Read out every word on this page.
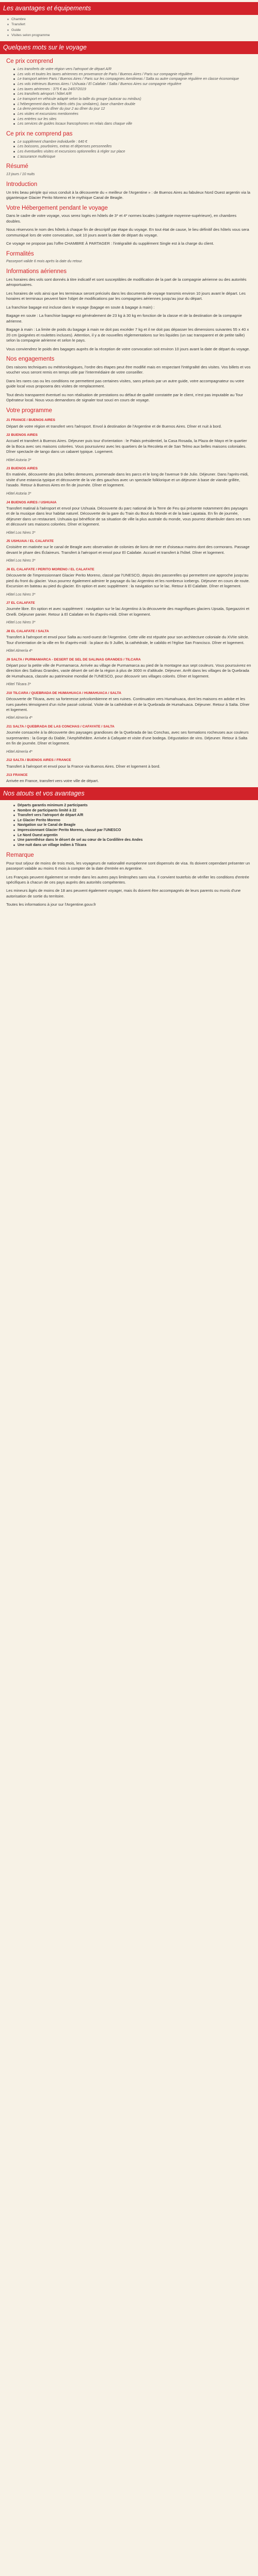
Les avantages et équipements
Chambre
Transfert
Guide
Visites selon programme
Quelques mots sur le voyage
Ce prix comprend
Les transferts de votre région vers l'aéroport de départ A/R
Les vols et toutes les taxes aériennes en provenance de Paris / Buenos Aires / Paris sur compagnie régulière
Le transport aérien Paris / Buenos Aires / Paris sur les compagnies Aerolineas / Salta ou autre compagnie régulière en classe économique
Les vols intérieurs Buenos Aires / Ushuaia / El Calafate / Salta / Buenos Aires sur compagnie régulière
Les taxes aériennes : 375 € au 24/07/2019
Les transferts aéroport / hôtel A/R
Le transport en véhicule adapté selon la taille du groupe (autocar ou minibus)
L'hébergement dans les hôtels cités (ou similaires), base chambre double
La demi-pension du dîner du jour 2 au dîner du jour 12
Les visites et excursions mentionnées
Les entrées sur les sites
Les services de guides locaux francophones en relais dans chaque ville
Ce prix ne comprend pas
Le supplément chambre individuelle : 640 €
Les boissons, pourboires, extras et dépenses personnelles
Les éventuelles visites et excursions optionnelles à régler sur place
L'assurance multirisque
Résumé

13 jours / 10 nuits

Introduction

Un très beau périple qui vous conduit à la découverte du « meilleur de l'Argentine » : de Buenos Aires au fabuleux Nord Ouest argentin via la gigantesque Glacier Perito Moreno et le mythique Canal de Beagle.

Votre Hébergement pendant le voyage

Dans le cadre de votre voyage, vous serez logés en hôtels de 3* et 4* normes locales (catégorie moyenne-supérieure), en chambres doubles.

Nous réservons le nom des hôtels à chaque fin de descriptif par étape du voyage. En tout état de cause, le lieu définitif des hôtels vous sera communiqué lors de votre convocation, soit 10 jours avant la date de départ du voyage.

Ce voyage ne propose pas l'offre CHAMBRE À PARTAGER : l'intégralité du supplément Single est à la charge du client.

Formalités

Passeport valide 6 mois après la date du retour.

Informations aériennes

Les horaires des vols sont donnés à titre indicatif et sont susceptibles de modification de la part de la compagnie aérienne ou des autorités aéroportuaires.

Les horaires de vols ainsi que les terminaux seront précisés dans les documents de voyage transmis environ 10 jours avant le départ. Les horaires et terminaux peuvent faire l'objet de modifications par les compagnies aériennes jusqu'au jour du départ.

La franchise bagage est incluse dans le voyage (bagage en soute & bagage à main) :

Bagage en soute : La franchise bagage est généralement de 23 kg à 30 kg en fonction de la classe et de la destination de la compagnie aérienne.

Bagage à main : La limite de poids du bagage à main ne doit pas excéder 7 kg et il ne doit pas dépasser les dimensions suivantes 55 x 40 x 20 cm (poignées et roulettes incluses). Attention, il y a de nouvelles réglementations sur les liquides (un sac transparent et de petite taille) selon la compagnie aérienne et selon le pays.

Vous conviendrez le poids des bagages auprès de la réception de votre convocation soit environ 10 jours avant la date de départ du voyage.

Nos engagements

Des raisons techniques ou météorologiques, l'ordre des étapes peut être modifié mais en respectant l'intégralité des visites. Vos billets et vos voucher vous seront remis en temps utile par l'intermédiaire de votre conseiller.

Dans les rares cas ou les conditions ne permettent pas certaines visites, sans préavis par un autre guide, votre accompagnateur ou votre guide local vous proposera des visites de remplacement.

Tout devis transparent éventuel ou non réalisation de prestations ou défaut de qualité constatée par le client, n'est pas imputable au Tour Opérateur local. Nous vous demandons de signaler tout souci en cours de voyage.

Votre programme
J1 FRANCE / BUENOS AIRES

Départ de votre région et transfert vers l'aéroport. Envol à destination de l'Argentine et de Buenos Aires. Dîner et nuit à bord.

J2 BUENOS AIRES

Accueil et transfert à Buenos Aires. Déjeuner puis tour d'orientation : le Palais présidentiel, la Casa Rosada, la Plaza de Mayo et le quartier de la Boca avec ses maisons colorées. Vous poursuivrez avec les quartiers de la Recoleta et de San Telmo aux belles maisons coloniales. Dîner spectacle de tango dans un cabaret typique. Logement.

Hôtel Astoria 3*

J3 BUENOS AIRES

En matinée, découverte des plus belles demeures, promenade dans les parcs et le long de l'avenue 9 de Julio. Déjeuner. Dans l'après-midi, visite d'une estancia typique et découverte de la vie des gauchos avec un spectacle folklorique et un déjeuner à base de viande grillée, l'asado. Retour à Buenos Aires en fin de journée. Dîner et logement.

Hôtel Astoria 3*

J4 BUENOS AIRES / USHUAIA

Transfert matinal à l'aéroport et envol pour Ushuaia. Découverte du parc national de la Terre de Feu qui présente notamment des paysages et de la musique dans leur habitat naturel. Découverte de la gare du Train du Bout du Monde et de la baie Lapataia. En fin de journée, déjeuner dans un restaurant. Ushuaia qui bénéficie de sa situation de ville la plus australe du monde, vous pourrez déambuler dans ses rues et découvrir ses maisons colorées. Dîner et logement.

Hôtel Los Nires 3*

J5 USHUAIA / EL CALAFATE

Croisière en matinée sur le canal de Beagle avec observation de colonies de lions de mer et d'oiseaux marins dont des cormorans. Passage devant le phare des Éclaireurs. Transfert à l'aéroport et envol pour El Calafate. Accueil et transfert à l'hôtel. Dîner et logement.

Hôtel Los Nires 3*

J6 EL CALAFATE / PERITO MORENO / EL CALAFATE

Découverte de l'impressionnant Glacier Perito Moreno, classé par l'UNESCO, depuis des passerelles qui permettent une approche jusqu'au pied du front du glacier. Vous pourrez également admirer le paysage du lac Argentino et les nombreux icebergs. Déjeuner en cours de route. Excursion en bateau au pied du glacier. En option et avec supplément : la navigation sur le lac. Retour à El Calafate. Dîner et logement.

Hôtel Los Nires 3*

J7 EL CALAFATE

Journée libre. En option et avec supplément : navigation sur le lac Argentino à la découverte des magnifiques glaciers Upsala, Spegazzini et Onelli. Déjeuner panier. Retour à El Calafate en fin d'après-midi. Dîner et logement.

Hôtel Los Nires 3*

J8 EL CALAFATE / SALTA

Transfert à l'aéroport et envol pour Salta au nord-ouest de l'Argentine. Cette ville est réputée pour son architecture coloniale du XVIIe siècle. Tour d'orientation de la ville en fin d'après-midi : la place du 9 Juillet, la cathédrale, le cabildo et l'église San Francisco. Dîner et logement.

Hôtel Almería 4*

J9 SALTA / PURMAMARCA - DESERT DE SEL DE SALINAS GRANDES / TILCARA

Départ pour la petite ville de Purmamarca. Arrivée au village de Purmamarca au pied de la montagne aux sept couleurs. Vous poursuivrez en direction des Salinas Grandes, vaste désert de sel de la région à plus de 3000 m d'altitude. Déjeuner. Arrêt dans les villages de la Quebrada de Humahuaca, classée au patrimoine mondial de l'UNESCO, pour découvrir ses villages colorés. Dîner et logement.

Hôtel Tilcara 3*

J10 TILCARA / QUEBRADA DE HUMAHUACA / HUMAHUACA / SALTA

Découverte de Tilcara, avec sa forteresse précolombienne et ses ruines. Continuation vers Humahuaca, dont les maisons en adobe et les rues pavées témoignent d'un riche passé colonial. Visite de la cathédrale et de la Quebrada de Humahuaca. Déjeuner. Retour à Salta. Dîner et logement.

Hôtel Almería 4*

J11 SALTA / QUEBRADA DE LAS CONCHAS / CAFAYATE / SALTA

Journée consacrée à la découverte des paysages grandioses de la Quebrada de las Conchas, avec ses formations rocheuses aux couleurs surprenantes : la Gorge du Diable, l'Amphithéâtre. Arrivée à Cafayate et visite d'une bodega. Dégustation de vins. Déjeuner. Retour à Salta en fin de journée. Dîner et logement.

Hôtel Almería 4*

J12 SALTA / BUENOS AIRES / FRANCE

Transfert à l'aéroport et envol pour la France via Buenos Aires. Dîner et logement à bord.

J13 FRANCE

Arrivée en France, transfert vers votre ville de départ.

Nos atouts et vos avantages
Départs garantis minimum 2 participants
Nombre de participants limité à 22
Transfert vers l'aéroport de départ A/R
Le Glacier Perito Moreno
Navigation sur le Canal de Beagle
Impressionnant Glacier Perito Moreno, classé par l'UNESCO
Le Nord Ouest argentin
Une parenthèse dans le désert de sel au cœur de la Cordillère des Andes
Une nuit dans un village indien à Tilcara
Remarque

Pour tout séjour de moins de trois mois, les voyageurs de nationalité européenne sont dispensés de visa. Ils doivent cependant présenter un passeport valable au moins 6 mois à compter de la date d'entrée en Argentine.

Les Français peuvent également se rendre dans les autres pays limitrophes sans visa. Il convient toutefois de vérifier les conditions d'entrée spécifiques à chacun de ces pays auprès des autorités compétentes.

Les mineurs âgés de moins de 18 ans peuvent également voyager, mais ils doivent être accompagnés de leurs parents ou munis d'une autorisation de sortie du territoire.

Toutes les informations à jour sur l'Argentine.gouv.fr
